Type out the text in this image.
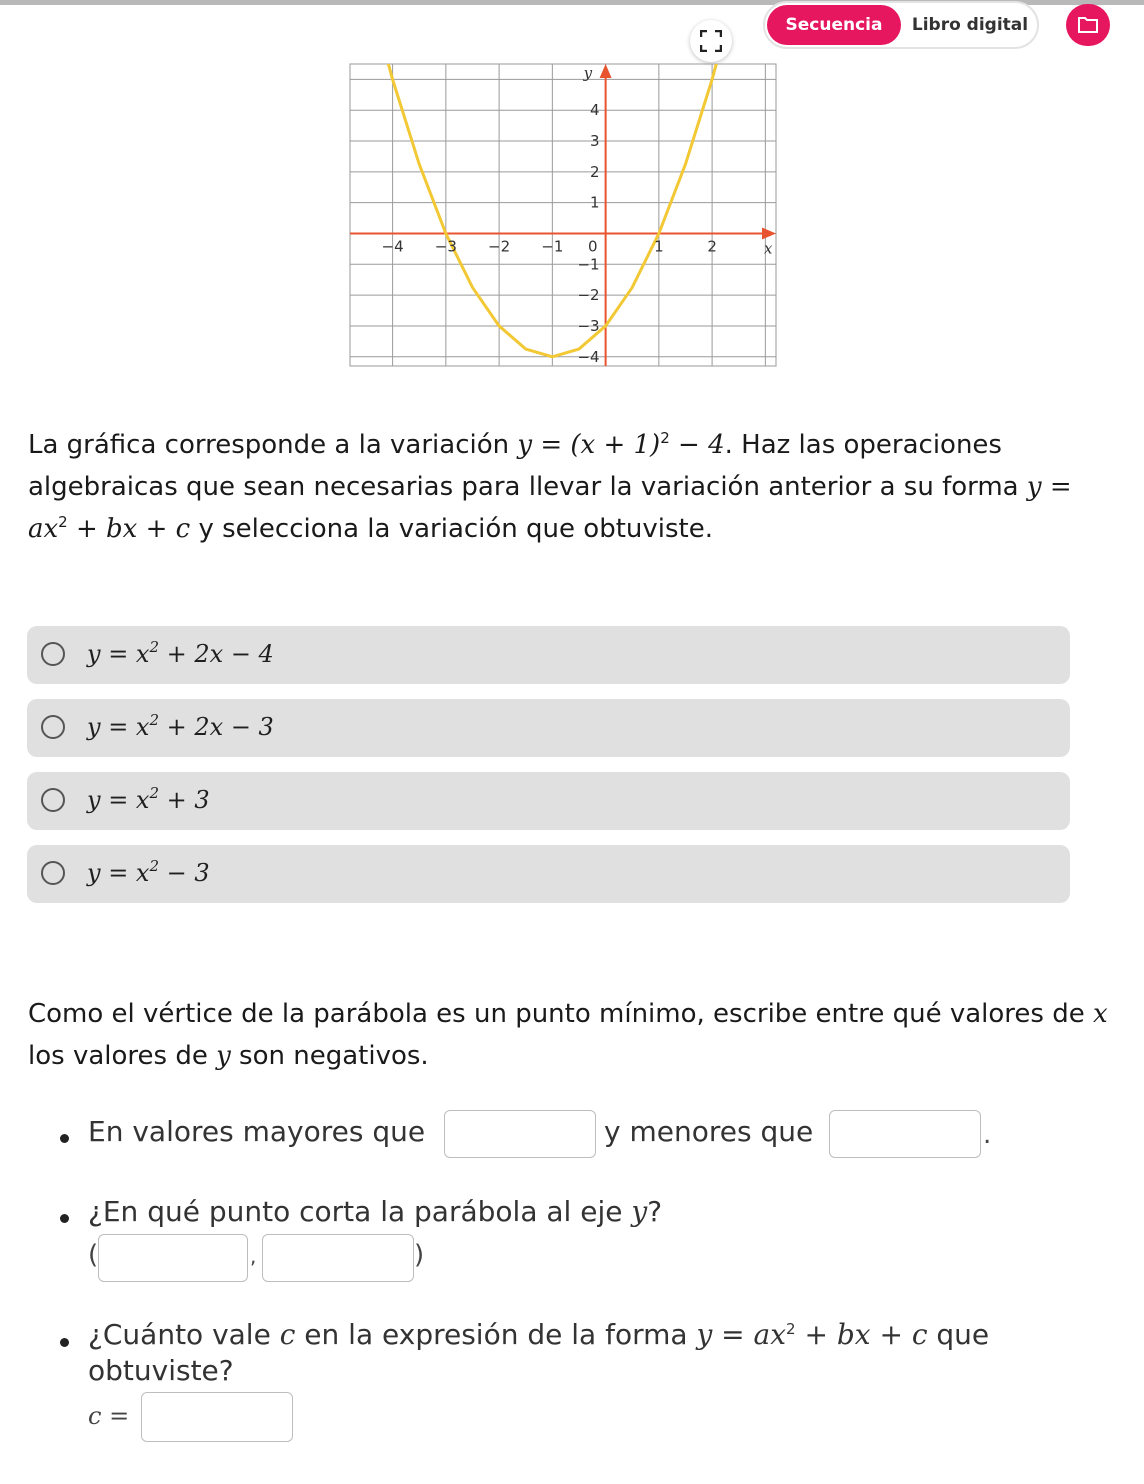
Secuencia	Libro digital
−4 −3 −2 −1	1	2
4
3
2
1
−1
−2
−3
−4
0	x
y
La gráfica corresponde a la variación $y = (x + 1)^2 - 4$. Haz las operaciones algebraicas que sean necesarias para llevar la variación anterior a su forma $y = ax^2$ + bx + c y selecciona la variación que obtuviste.
$y = x^2 + 2x - 4$
$y = x^2 + 2x - 3$
$y = x^2 + 3$
$y = x^2 - 3$
Como el vértice de la parábola es un punto mínimo, escribe entre qué valores de x los valores de y son negativos.
En valores mayores que	y menores que	.
¿En qué punto corta la parábola al eje y?
(	,	)
¿Cuánto vale c en la expresión de la forma $y = ax^2$ + bx + c que
obtuviste?
c =
